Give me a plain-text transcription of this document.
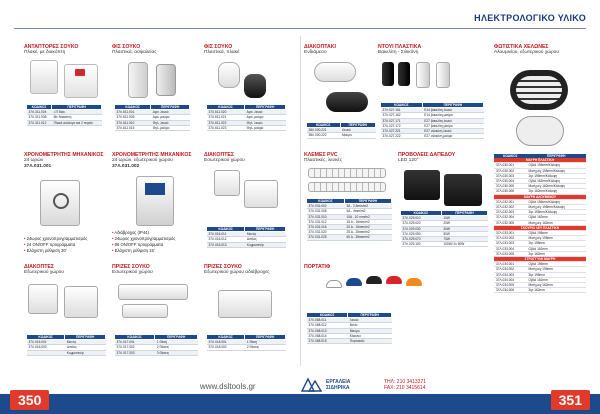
ΗΛΕΚΤΡΟΛΟΓΙΚΟ ΥΛΙΚΟ
ΑΝΤΑΠΤΟΡΕΣ ΣΟΥΚΟ
Πλακέ, με διακόπτη
ΚΩΔΙΚΟΣ	ΠΕΡΙΓΡΑΦΗ
37Λ.311.004	Ι-Π διακ.
37Λ.311.008	Με διακόπτη
37Λ.311.012	Πλακέ ανάλογο και 2 τετράν
ΦΙΣ ΣΟΥΚΟ
Πλαστικά, ασφαλείας
ΚΩΔΙΚΟΣ	ΠΕΡΙΓΡΑΦΗ
37Λ.611.001	Αρσ. λευκό
37Λ.611.005	Αρσ. μαύρο
37Λ.611.010	Θηλ. λευκό
37Λ.611.015	Θηλ. μαύρο
ΦΙΣ ΣΟΥΚΟ
Πλαστικά, πλακέ
ΚΩΔΙΚΟΣ	ΠΕΡΙΓΡΑΦΗ
37Λ.611.020	Αρσ. λευκό
37Λ.611.021	Αρσ. μαύρο
37Λ.611.022	Θηλ. λευκό
37Λ.611.023	Θηλ. μαύρο
ΧΡΟΝΟΜΕΤΡΗΤΗΣ ΜΗΧΑΝΙΚΟΣ
24 ωρών
37Λ.031.001
• 24ωρος χρονοπρογραμματισμός
• 24 ON/OFF προγράμματα
• Ελάχιστη ρύθμιση 30'
ΧΡΟΝΟΜΕΤΡΗΤΗΣ ΜΗΧΑΝΙΚΟΣ
24 ωρών, εξωτερικού χώρου
37Λ.031.002
• Αδιάβροχος (IP44)
• 24ωρος χρονοπρογραμματισμός
• 96 ON/OFF προγράμματα
• Ελάχιστη ρύθμιση 15'
ΔΙΑΚΟΠΤΕΣ
Εσωτερικού χώρου
ΚΩΔΙΚΟΣ	ΠΕΡΙΓΡΑΦΗ
37Λ.016.011	Μονός
37Λ.016.012	Διπλός
37Λ.016.013	Κομμυτατέρ
ΔΙΑΚΟΠΤΕΣ
Εξωτερικού χώρου
ΚΩΔΙΚΟΣ	ΠΕΡΙΓΡΑΦΗ
37Λ.016.001	Μονός
37Λ.016.002	Διπλός
	Κομμυτατέρ
ΠΡΙΖΕΣ ΣΟΥΚΟ
Εσωτερικού χώρου
ΚΩΔΙΚΟΣ	ΠΕΡΙΓΡΑΦΗ
37Λ.017.001	1 Θέση
37Λ.017.002	2 Θέσεις
37Λ.017.003	3 Θέσεις
ΠΡΙΖΕΣ ΣΟΥΚΟ
Εξωτερικού χώρου αδιάβροχες
ΚΩΔΙΚΟΣ	ΠΕΡΙΓΡΑΦΗ
37Λ.018.001	1 Θέση
37Λ.018.002	2 Θέσεις
ΔΙΑΚΟΠΤΑΚΙ
Ενδιάμεσο
ΚΩΔΙΚΟΣ	ΠΕΡΙΓΡΑΦΗ
38Λ.000.221	Λευκό
38Λ.000.222	Μαύρο
ΝΤΟΥΙ ΠΛΑΣΤΙΚΑ
Βακελίτη - Σιλικόνη
ΚΩΔΙΚΟΣ	ΠΕΡΙΓΡΑΦΗ
37Λ.027.161	Ε14 βακελίτη λευκό
37Λ.027.162	Ε14 βακελίτη μαύρο
37Λ.027.171	Ε27 βακελίτη λευκό
37Λ.027.172	Ε27 βακελίτη μαύρο
37Λ.027.221	Ε27 σιλικόνη λευκό
37Λ.027.222	Ε27 σιλικόνη μαύρο
ΦΩΤΙΣΤΙΚΑ ΧΕΛΩΝΕΣ
Αλουμινίου, εξωτερικού χώρου
ΚΩΔΙΚΟΣ	ΠΕΡΙΓΡΑΦΗ
ΜΑΥΡΗ ΠΛΑΣΤΙΚΗ	
37Λ.030.001	Οβάλ 195mm/Κάλυψη
37Λ.030.002	Μισή μέγ 195mm/Κάλυψη
37Λ.030.003	Στρ 195mm/Κάλυψη
37Λ.030.004	Οβάλ 162mm/Κάλυψη
37Λ.030.005	Μισή μέγ 162mm/Κάλυψη
37Λ.030.006	Στρ 162mm/Κάλυψη
ΜΑΥΡΗ ΑΛΟΥΜΙΝΙΟΥ	
37Λ.032.001	Οβάλ 195mm/Κάλυψη
37Λ.032.002	Μισή μέγ 195mm/Κάλυψη
37Λ.032.003	Στρ 195mm/Κάλυψη
37Λ.032.004	Οβάλ 162mm
37Λ.032.005	Μισή μέγ 162mm
ΣΚΟΥΡΙΟ ΛΕΥ ΠΛΑΣΤΙΚΗ	
37Λ.033.001	Οβάλ 195mm
37Λ.033.002	Μισή μέγ 195mm
37Λ.033.003	Στρ 195mm
37Λ.033.004	Οβάλ 162mm
37Λ.033.005	Στρ 162mm
ΣΤΡΟΓΓΥΛΗ ΜΑΥΡΗ	
37Λ.034.001	Οβάλ 195mm
37Λ.034.002	Μισή μέγ 195mm
37Λ.034.003	Στρ 195mm
37Λ.034.004	Οβάλ 162mm
37Λ.034.005	Μισή μέγ 162mm
37Λ.034.006	Στρ 162mm
ΚΛΕΜΕΣ PVC
Πλαστικές, λευκές
ΚΩΔΙΚΟΣ	ΠΕΡΙΓΡΑΦΗ
37Λ.031.002	3A - 2,5mm/m2
37Λ.031.006	5A - 4mm/m2
37Λ.031.010	10A - 10 mm/m2
37Λ.031.012	15 A - 16mm/m2
37Λ.031.016	20 A - 16mm/m2
37Λ.031.020	25 A - 25mm/m2
37Λ.031.025	60 A - 35mm/m2
ΠΡΟΒΟΛΕΙΣ ΔΑΠΕΔΟΥ
LED 120°
ΚΩΔΙΚΟΣ	ΠΕΡΙΓΡΑΦΗ
37Λ.029.010	10W
37Λ.029.020	20W
37Λ.029.030	30W
37Λ.029.050	50W
37Λ.029.070	70W
37Λ.029.100	100W/ 2x 50W
ΠΟΡΤΑΤΙΦ
ΚΩΔΙΚΟΣ	ΠΕΡΙΓΡΑΦΗ
37Λ.068.011	Λευκό
37Λ.068.012	Μπλε
37Λ.068.013	Μαύρο
37Λ.068.014	Κόκκινο
37Λ.068.015	Πορτοκαλί
350	351
www.dsltools.gr	ΕΡΓΑΛΕΙΑ
ΣΙΔΗΡΙΚΑ
ΤΗΛ: 210 3413371
FAX: 210 3415614
